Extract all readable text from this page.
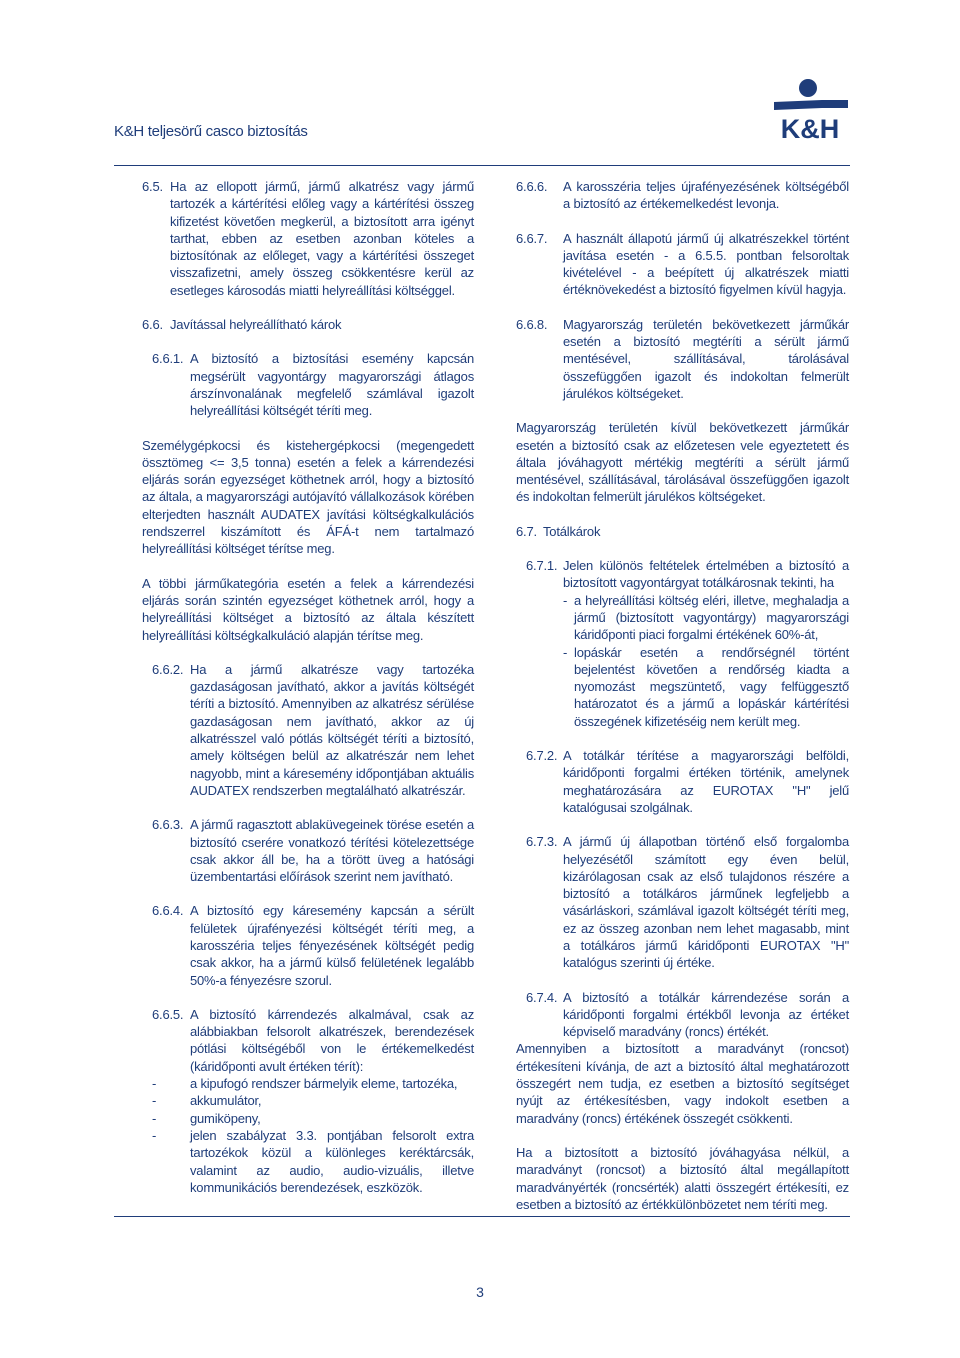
K&H teljesörű casco biztosítás	K&H
6.5. Ha az ellopott jármű, jármű alkatrész vagy jármű tartozék a kártérítési előleg vagy a kártérítési összeg kifizetést követően megkerül, a biztosított arra igényt tarthat, ebben az esetben azonban köteles a biztosítónak az előleget, vagy a kártérítési összeget visszafizetni, amely összeg csökkentésre kerül az esetleges károsodás miatti helyreállítási költséggel.
6.6. Javítással helyreállítható károk
6.6.1. A biztosító a biztosítási esemény kapcsán megsérült vagyontárgy magyarországi átlagos árszínvonalának megfelelő számlával igazolt helyreállítási költségét téríti meg.

Személygépkocsi és kistehergépkocsi (megengedett össztömeg <= 3,5 tonna) esetén a felek a kárrendezési eljárás során egyezséget köthetnek arról, hogy a biztosító az általa, a magyarországi autójavító vállalkozások körében elterjedten használt AUDATEX javítási költségkalkulációs rendszerrel kiszámított és ÁFÁ-t nem tartalmazó helyreállítási költséget térítse meg.

A többi járműkategória esetén a felek a kárrendezési eljárás során szintén egyezséget köthetnek arról, hogy a helyreállítási költséget a biztosító az általa készített helyreállítási költségkalkuláció alapján térítse meg.

6.6.2. Ha a jármű alkatrésze vagy tartozéka gazdaságosan javítható, akkor a javítás költségét téríti a biztosító. Amennyiben az alkatrész sérülése gazdaságosan nem javítható, akkor az új alkatrésszel való pótlás költségét téríti a biztosító, amely költségen belül az alkatrészár nem lehet nagyobb, mint a káresemény időpontjában aktuális AUDATEX rendszerben megtalálható alkatrészár.
6.6.3. A jármű ragasztott ablaküvegeinek törése esetén a biztosító cserére vonatkozó térítési kötelezettsége csak akkor áll be, ha a törött üveg a hatósági üzembentartási előírások szerint nem javítható.
6.6.4. A biztosító egy káresemény kapcsán a sérült felületek újrafényezési költségét téríti meg, a karosszéria teljes fényezésének költségét pedig csak akkor, ha a jármű külső felületének legalább 50%-a fényezésre szorul.
6.6.5. A biztosító kárrendezés alkalmával, csak az alábbiakban felsorolt alkatrészek, berendezések pótlási költségéből von le értékemelkedést (káridőponti avult értéken térít):
-	a kipufogó rendszer bármelyik eleme, tartozéka,
-	akkumulátor,
-	gumiköpeny,
-	jelen szabályzat 3.3. pontjában felsorolt extra tartozékok közül a különleges keréktárcsák, valamint az audio, audio-vizuális, illetve kommunikációs berendezések, eszközök.
6.6.6.	A karosszéria teljes újrafényezésének költségéből a biztosító az értékemelkedést levonja.
6.6.7.	A használt állapotú jármű új alkatrészekkel történt javítása esetén - a 6.5.5. pontban felsoroltak kivételével - a beépített új alkatrészek miatti értéknövekedést a biztosító figyelmen kívül hagyja.
6.6.8.	Magyarország területén bekövetkezett járműkár esetén a biztosító megtéríti a sérült jármű mentésével, szállításával, tárolásával összefüggően igazolt és indokoltan felmerült járulékos költségeket.

Magyarország területén kívül bekövetkezett járműkár esetén a biztosító csak az előzetesen vele egyeztetett és általa jóváhagyott mértékig megtéríti a sérült jármű mentésével, szállításával, tárolásával összefüggően igazolt és indokoltan felmerült járulékos költségeket.

6.7. Totálkárok
6.7.1. Jelen különös feltételek értelmében a biztosító a biztosított vagyontárgyat totálkárosnak tekinti, ha
- a helyreállítási költség eléri, illetve, meghaladja a jármű (biztosított vagyontárgy) magyarországi káridőponti piaci forgalmi értékének 60%-át,
- lopáskár esetén a rendőrségnél történt bejelentést követően a rendőrség kiadta a nyomozást megszüntető, vagy felfüggesztő határozatot és a jármű a lopáskár kártérítési összegének kifizetéséig nem került meg.
6.7.2. A totálkár térítése a magyarországi belföldi, káridőponti forgalmi értéken történik, amelynek meghatározására az EUROTAX "H" jelű katalógusai szolgálnak.
6.7.3. A jármű új állapotban történő első forgalomba helyezésétől számított egy éven belül, kizárólagosan csak az első tulajdonos részére a biztosító a totálkáros járműnek legfeljebb a vásárláskori, számlával igazolt költségét téríti meg, ez az összeg azonban nem lehet magasabb, mint a totálkáros jármű káridőponti EUROTAX "H" katalógus szerinti új értéke.
6.7.4. A biztosító a totálkár kárrendezése során a káridőponti forgalmi értékből levonja az értéket képviselő maradvány (roncs) értékét.

Amennyiben a biztosított a maradványt (roncsot) értékesíteni kívánja, de azt a biztosító által meghatározott összegért nem tudja, ez esetben a biztosító segítséget nyújt az értékesítésben, vagy indokolt esetben a maradvány (roncs) értékének összegét csökkenti.

Ha a biztosított a biztosító jóváhagyása nélkül, a maradványt (roncsot) a biztosító által megállapított maradványérték (roncsérték) alatti összegért értékesíti, ez esetben a biztosító az értékkülönbözetet nem téríti meg.

3
